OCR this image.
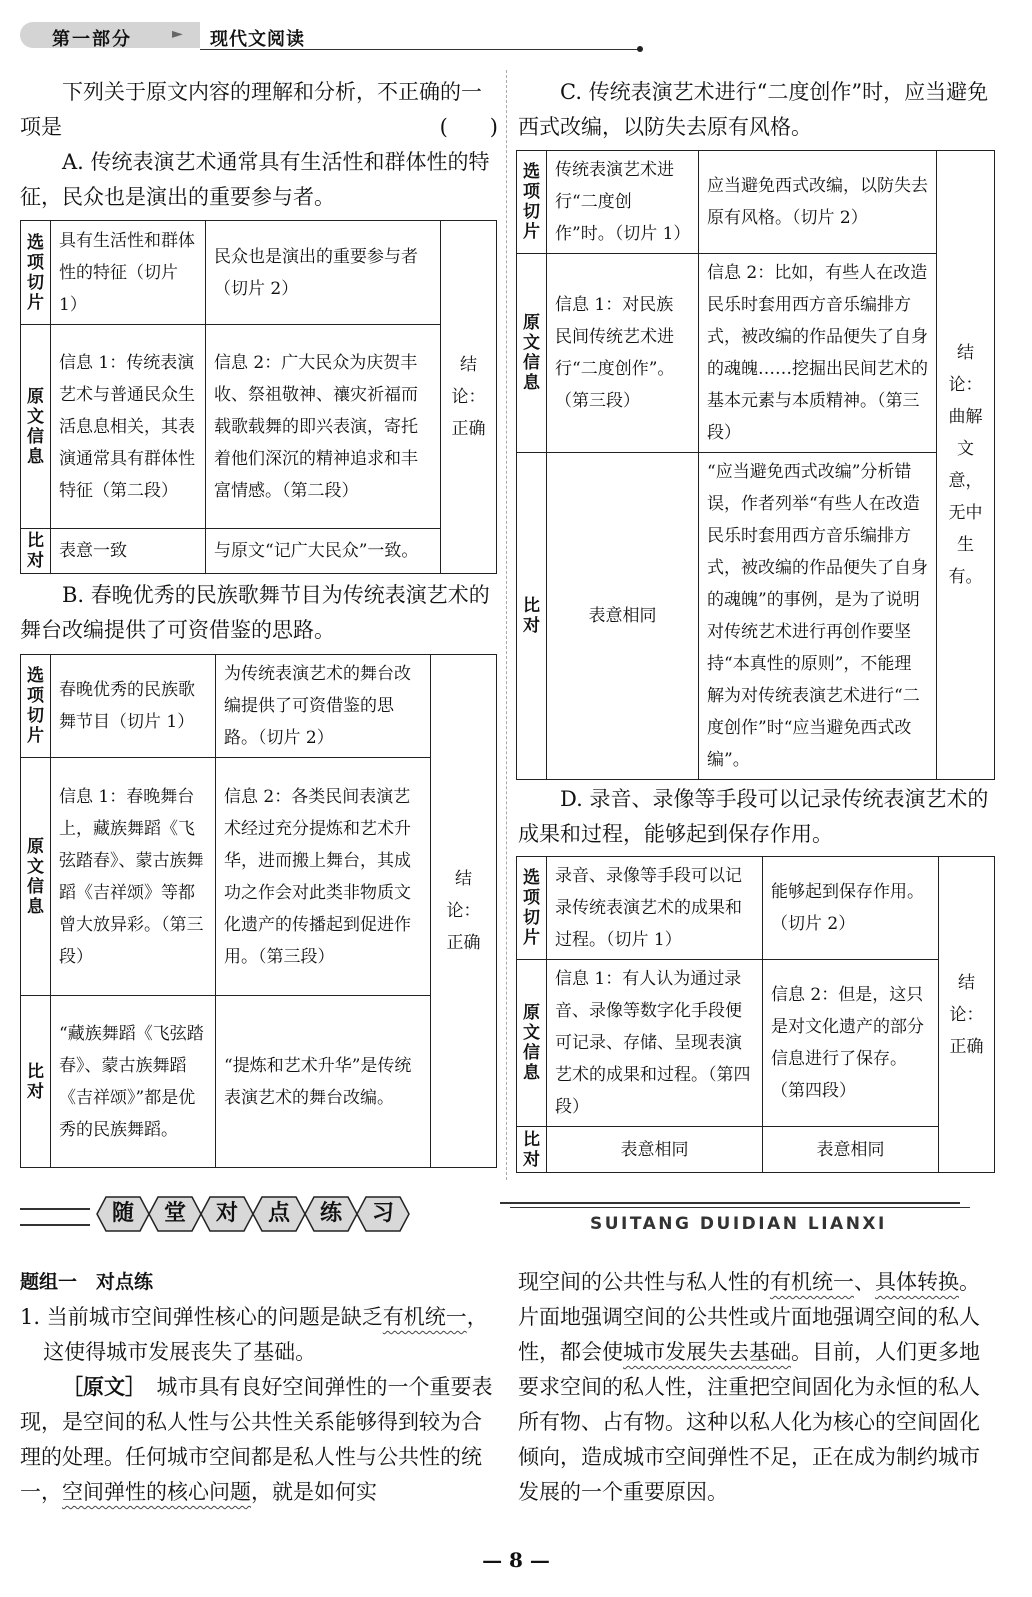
第一部分	► 现代文阅读

下列关于原文内容的理解和分析，不正确的一项是	(　　)

A. 传统表演艺术通常具有生活性和群体性的特征，民众也是演出的重要参与者。

选项切片	具有生活性和群体性的特征（切片 1）	民众也是演出的重要参与者（切片 2）	结论：正确
原文信息	信息 1：传统表演艺术与普通民众生活息息相关，其表演通常具有群体性特征（第二段）	信息 2：广大民众为庆贺丰收、祭祖敬神、禳灾祈福而载歌载舞的即兴表演，寄托着他们深沉的精神追求和丰富情感。（第二段）	
比对	表意一致	与原文“记广大民众”一致。	

B. 春晚优秀的民族歌舞节目为传统表演艺术的舞台改编提供了可资借鉴的思路。

选项切片	春晚优秀的民族歌舞节目（切片 1）	为传统表演艺术的舞台改编提供了可资借鉴的思路。（切片 2）	结论：正确
原文信息	信息 1：春晚舞台上，藏族舞蹈《飞弦踏春》、蒙古族舞蹈《吉祥颂》等都曾大放异彩。（第三段）	信息 2：各类民间表演艺术经过充分提炼和艺术升华，进而搬上舞台，其成功之作会对此类非物质文化遗产的传播起到促进作用。（第三段）	
比对	“藏族舞蹈《飞弦踏春》、蒙古族舞蹈《吉祥颂》”都是优秀的民族舞蹈。	“提炼和艺术升华”是传统表演艺术的舞台改编。	

C. 传统表演艺术进行“二度创作”时，应当避免西式改编，以防失去原有风格。

选项切片	传统表演艺术进行“二度创作”时。（切片 1）	应当避免西式改编，以防失去原有风格。（切片 2）	结论：曲解文意，无中生有。
原文信息	信息 1：对民族民间传统艺术进行“二度创作”。（第三段）	信息 2：比如，有些人在改造民乐时套用西方音乐编排方式，被改编的作品便失了自身的魂魄……挖掘出民间艺术的基本元素与本质精神。（第三段）	
比对	表意相同	“应当避免西式改编”分析错误，作者列举“有些人在改造民乐时套用西方音乐编排方式，被改编的作品便失了自身的魂魄”的事例，是为了说明对传统艺术进行再创作要坚持“本真性的原则”，不能理解为对传统表演艺术进行“二度创作”时“应当避免西式改编”。	

D. 录音、录像等手段可以记录传统表演艺术的成果和过程，能够起到保存作用。

选项切片	录音、录像等手段可以记录传统表演艺术的成果和过程。（切片 1）	能够起到保存作用。（切片 2）	结论：正确
原文信息	信息 1：有人认为通过录音、录像等数字化手段便可记录、存储、呈现表演艺术的成果和过程。（第四段）	信息 2：但是，这只是对文化遗产的部分信息进行了保存。（第四段）	
比对	表意相同	表意相同	
随	堂	对	点	练	习	SUITANG DUIDIAN LIANXI

题组一　对点练

1. 当前城市空间弹性核心的问题是缺乏有机统一，这使得城市发展丧失了基础。

［原文］　 城市具有良好空间弹性的一个重要表现，是空间的私人性与公共性关系能够得到较为合理的处理。任何城市空间都是私人性与公共性的统一，空间弹性的核心问题，就是如何实

现空间的公共性与私人性的有机统一、具体转换。片面地强调空间的公共性或片面地强调空间的私人性，都会使城市发展失去基础。目前，人们更多地要求空间的私人性，注重把空间固化为永恒的私人所有物、占有物。这种以私人化为核心的空间固化倾向，造成城市空间弹性不足，正在成为制约城市发展的一个重要原因。

— 8 —
